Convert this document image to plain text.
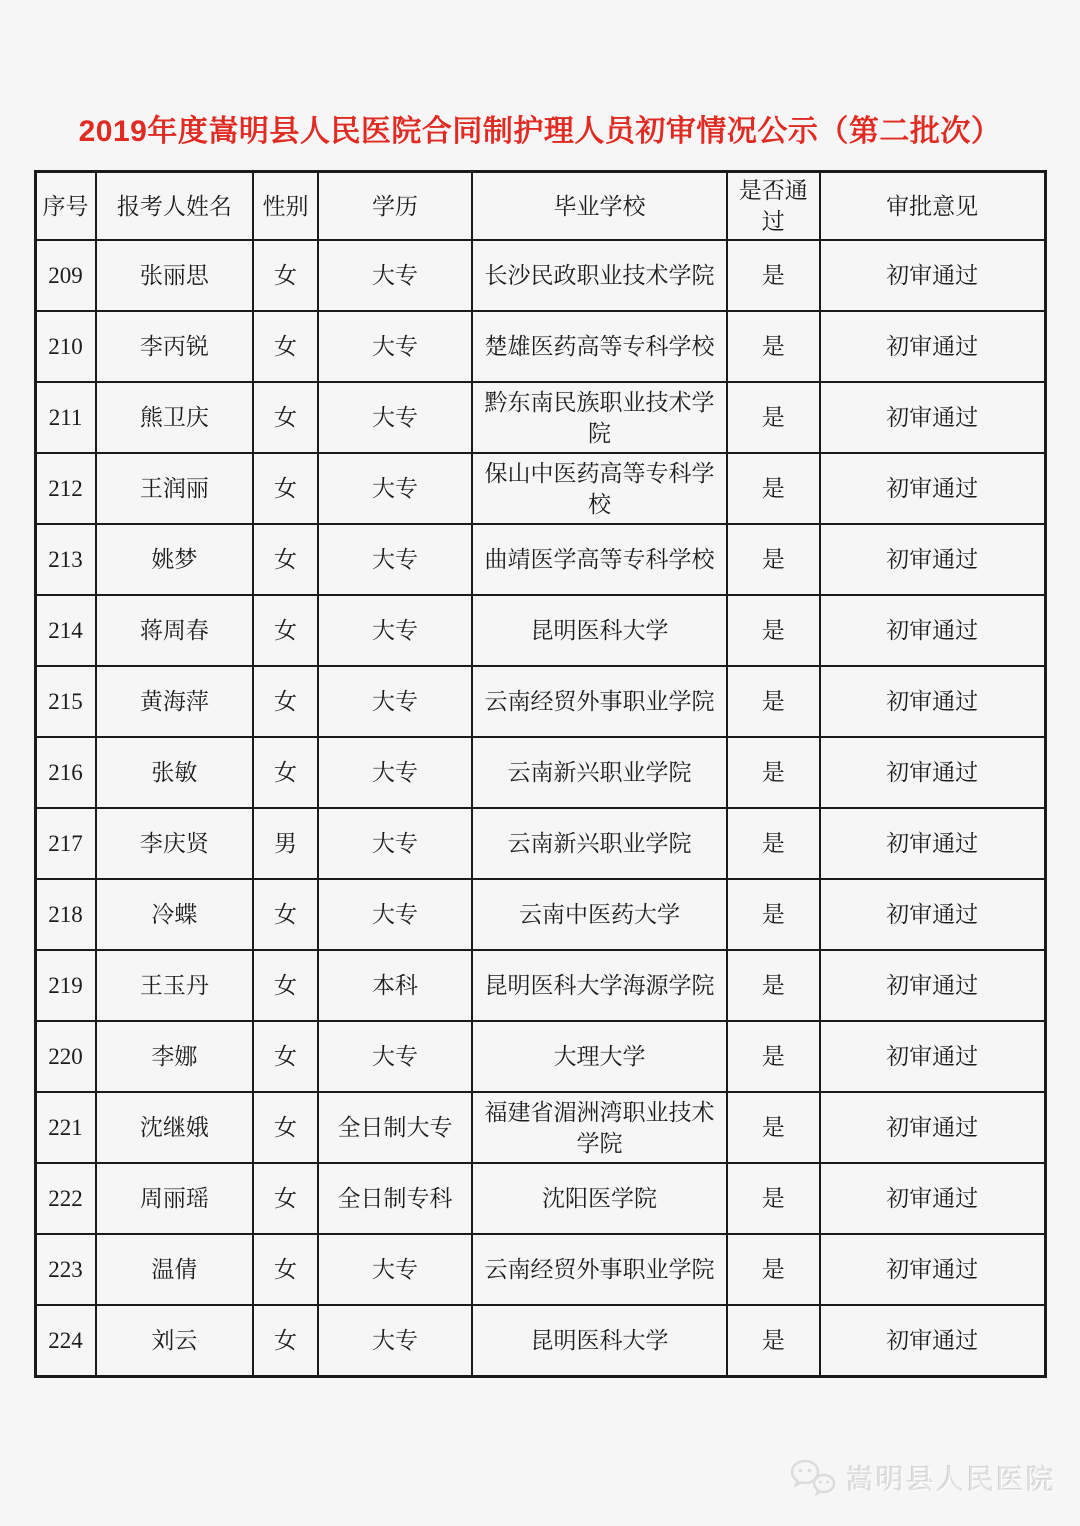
2019年度嵩明县人民医院合同制护理人员初审情况公示（第二批次）
序号	报考人姓名	性别	学历	毕业学校	是否通过	审批意见
209	张丽思	女	大专	长沙民政职业技术学院	是	初审通过
210	李丙锐	女	大专	楚雄医药高等专科学校	是	初审通过
211	熊卫庆	女	大专	黔东南民族职业技术学院	是	初审通过
212	王润丽	女	大专	保山中医药高等专科学校	是	初审通过
213	姚梦	女	大专	曲靖医学高等专科学校	是	初审通过
214	蒋周春	女	大专	昆明医科大学	是	初审通过
215	黄海萍	女	大专	云南经贸外事职业学院	是	初审通过
216	张敏	女	大专	云南新兴职业学院	是	初审通过
217	李庆贤	男	大专	云南新兴职业学院	是	初审通过
218	冷蝶	女	大专	云南中医药大学	是	初审通过
219	王玉丹	女	本科	昆明医科大学海源学院	是	初审通过
220	李娜	女	大专	大理大学	是	初审通过
221	沈继娥	女	全日制大专	福建省湄洲湾职业技术学院	是	初审通过
222	周丽瑶	女	全日制专科	沈阳医学院	是	初审通过
223	温倩	女	大专	云南经贸外事职业学院	是	初审通过
224	刘云	女	大专	昆明医科大学	是	初审通过
嵩明县人民医院
